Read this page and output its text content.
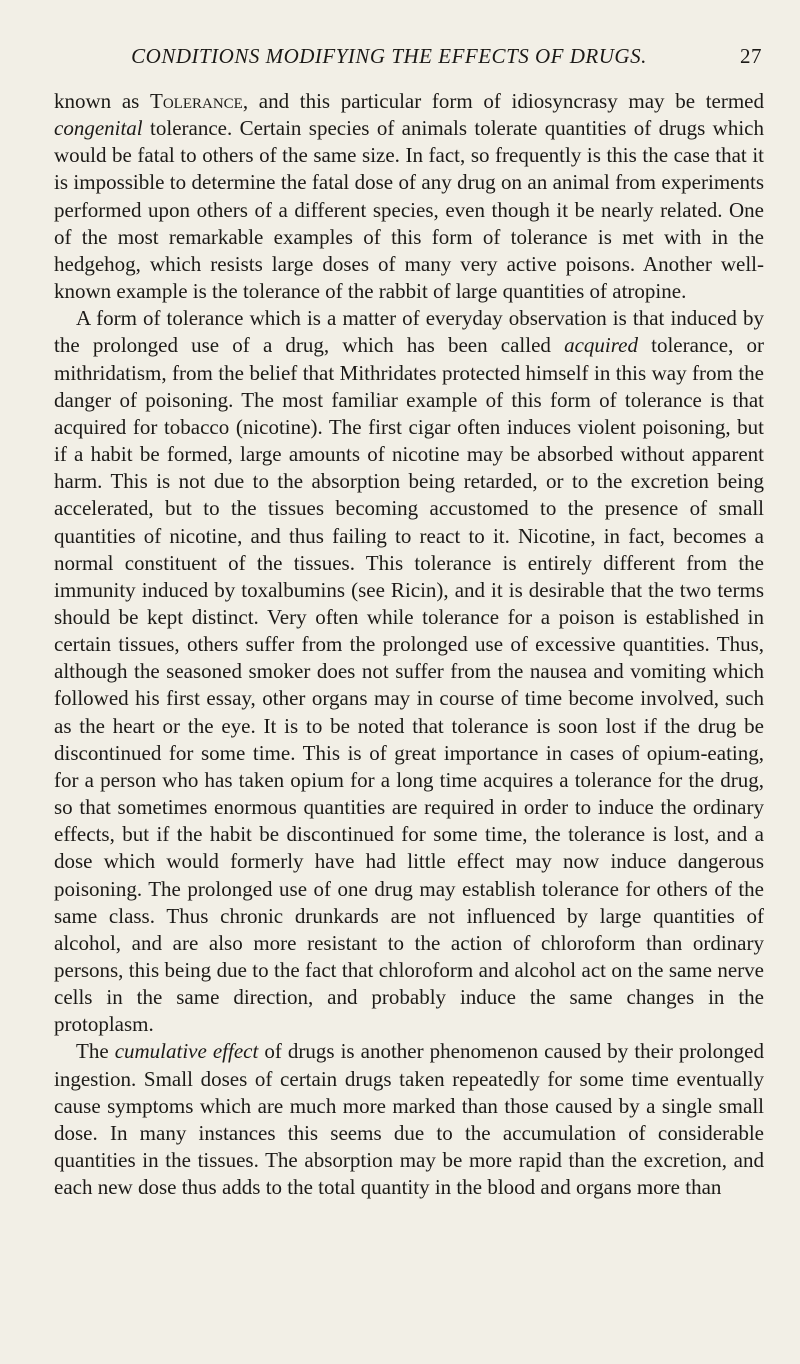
CONDITIONS MODIFYING THE EFFECTS OF DRUGS.	27

known as Tolerance, and this particular form of idiosyncrasy may be termed congenital tolerance. Certain species of animals tolerate quantities of drugs which would be fatal to others of the same size. In fact, so frequently is this the case that it is impossible to determine the fatal dose of any drug on an animal from experiments performed upon others of a different species, even though it be nearly related. One of the most remarkable examples of this form of tolerance is met with in the hedgehog, which resists large doses of many very active poisons. Another well-known example is the tolerance of the rabbit of large quantities of atropine.

A form of tolerance which is a matter of everyday observation is that induced by the prolonged use of a drug, which has been called acquired tolerance, or mithridatism, from the belief that Mithridates protected himself in this way from the danger of poisoning. The most familiar example of this form of tolerance is that acquired for tobacco (nicotine). The first cigar often induces violent poisoning, but if a habit be formed, large amounts of nicotine may be absorbed without apparent harm. This is not due to the absorption being retarded, or to the excretion being accelerated, but to the tissues becoming accustomed to the presence of small quantities of nicotine, and thus failing to react to it. Nicotine, in fact, becomes a normal constituent of the tissues. This tolerance is entirely different from the immunity induced by toxalbumins (see Ricin), and it is desirable that the two terms should be kept distinct. Very often while tolerance for a poison is established in certain tissues, others suffer from the prolonged use of excessive quantities. Thus, although the seasoned smoker does not suffer from the nausea and vomiting which followed his first essay, other organs may in course of time become involved, such as the heart or the eye. It is to be noted that tolerance is soon lost if the drug be discontinued for some time. This is of great importance in cases of opium-eating, for a person who has taken opium for a long time acquires a tolerance for the drug, so that sometimes enormous quantities are required in order to induce the ordinary effects, but if the habit be discontinued for some time, the tolerance is lost, and a dose which would formerly have had little effect may now induce dangerous poisoning. The prolonged use of one drug may establish tolerance for others of the same class. Thus chronic drunkards are not influenced by large quantities of alcohol, and are also more resistant to the action of chloroform than ordinary persons, this being due to the fact that chloroform and alcohol act on the same nerve cells in the same direction, and probably induce the same changes in the protoplasm.

The cumulative effect of drugs is another phenomenon caused by their prolonged ingestion. Small doses of certain drugs taken repeatedly for some time eventually cause symptoms which are much more marked than those caused by a single small dose. In many instances this seems due to the accumulation of considerable quantities in the tissues. The absorption may be more rapid than the excretion, and each new dose thus adds to the total quantity in the blood and organs more than
